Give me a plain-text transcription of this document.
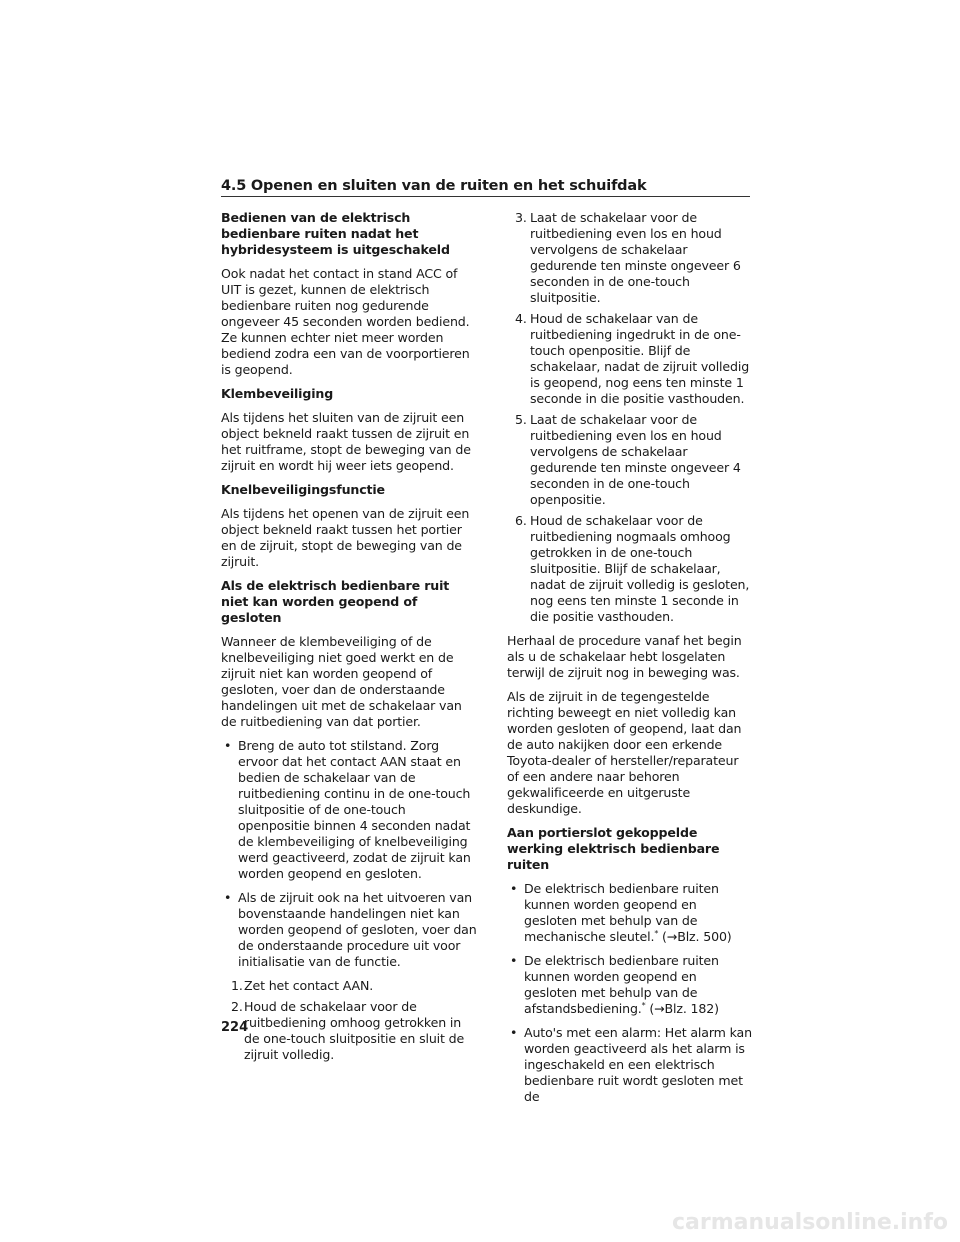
4.5 Openen en sluiten van de ruiten en het schuifdak
Bedienen van de elektrisch bedienbare ruiten nadat het hybridesysteem is uitgeschakeld

Ook nadat het contact in stand ACC of UIT is gezet, kunnen de elektrisch bedienbare ruiten nog gedurende ongeveer 45 seconden worden bediend. Ze kunnen echter niet meer worden bediend zodra een van de voorportieren is geopend.

Klembeveiliging

Als tijdens het sluiten van de zijruit een object bekneld raakt tussen de zijruit en het ruitframe, stopt de beweging van de zijruit en wordt hij weer iets geopend.

Knelbeveiligingsfunctie

Als tijdens het openen van de zijruit een object bekneld raakt tussen het portier en de zijruit, stopt de beweging van de zijruit.

Als de elektrisch bedienbare ruit niet kan worden geopend of gesloten

Wanneer de klembeveiliging of de knelbeveiliging niet goed werkt en de zijruit niet kan worden geopend of gesloten, voer dan de onderstaande handelingen uit met de schakelaar van de ruitbediening van dat portier.

• Breng de auto tot stilstand. Zorg ervoor dat het contact AAN staat en bedien de schakelaar van de ruitbediening continu in de one-touch sluitpositie of de one-touch openpositie binnen 4 seconden nadat de klembeveiliging of knelbeveiliging werd geactiveerd, zodat de zijruit kan worden geopend en gesloten.
• Als de zijruit ook na het uitvoeren van bovenstaande handelingen niet kan worden geopend of gesloten, voer dan de onderstaande procedure uit voor initialisatie van de functie.
1. Zet het contact AAN.
2. Houd de schakelaar voor de ruitbediening omhoog getrokken in de one-touch sluitpositie en sluit de zijruit volledig.
3. Laat de schakelaar voor de ruitbediening even los en houd vervolgens de schakelaar gedurende ten minste ongeveer 6 seconden in de one-touch sluitpositie.
4. Houd de schakelaar van de ruitbediening ingedrukt in de one-touch openpositie. Blijf de schakelaar, nadat de zijruit volledig is geopend, nog eens ten minste 1 seconde in die positie vasthouden.
5. Laat de schakelaar voor de ruitbediening even los en houd vervolgens de schakelaar gedurende ten minste ongeveer 4 seconden in de one-touch openpositie.
6. Houd de schakelaar voor de ruitbediening nogmaals omhoog getrokken in de one-touch sluitpositie. Blijf de schakelaar, nadat de zijruit volledig is gesloten, nog eens ten minste 1 seconde in die positie vasthouden.

Herhaal de procedure vanaf het begin als u de schakelaar hebt losgelaten terwijl de zijruit nog in beweging was.

Als de zijruit in de tegengestelde richting beweegt en niet volledig kan worden gesloten of geopend, laat dan de auto nakijken door een erkende Toyota-dealer of hersteller/reparateur of een andere naar behoren gekwalificeerde en uitgeruste deskundige.

Aan portierslot gekoppelde werking elektrisch bedienbare ruiten
• De elektrisch bedienbare ruiten kunnen worden geopend en gesloten met behulp van de mechanische sleutel.* (→Blz. 500)
• De elektrisch bedienbare ruiten kunnen worden geopend en gesloten met behulp van de afstandsbediening.* (→Blz. 182)
• Auto's met een alarm: Het alarm kan worden geactiveerd als het alarm is ingeschakeld en een elektrisch bedienbare ruit wordt gesloten met de
224
carmanualsonline.info
